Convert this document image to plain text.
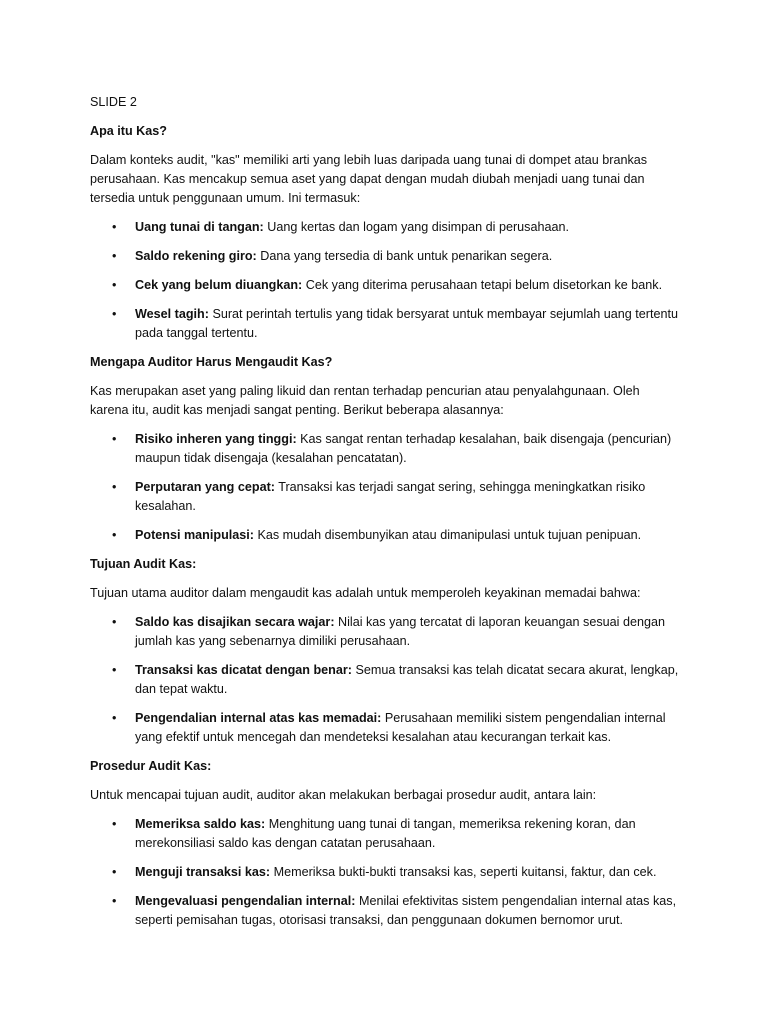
SLIDE 2
Apa itu Kas?

Dalam konteks audit, "kas" memiliki arti yang lebih luas daripada uang tunai di dompet atau brankas perusahaan. Kas mencakup semua aset yang dapat dengan mudah diubah menjadi uang tunai dan tersedia untuk penggunaan umum. Ini termasuk:

• Uang tunai di tangan: Uang kertas dan logam yang disimpan di perusahaan.
• Saldo rekening giro: Dana yang tersedia di bank untuk penarikan segera.
• Cek yang belum diuangkan: Cek yang diterima perusahaan tetapi belum disetorkan ke bank.
• Wesel tagih: Surat perintah tertulis yang tidak bersyarat untuk membayar sejumlah uang tertentu pada tanggal tertentu.
Mengapa Auditor Harus Mengaudit Kas?

Kas merupakan aset yang paling likuid dan rentan terhadap pencurian atau penyalahgunaan. Oleh karena itu, audit kas menjadi sangat penting. Berikut beberapa alasannya:

• Risiko inheren yang tinggi: Kas sangat rentan terhadap kesalahan, baik disengaja (pencurian) maupun tidak disengaja (kesalahan pencatatan).
• Perputaran yang cepat: Transaksi kas terjadi sangat sering, sehingga meningkatkan risiko kesalahan.
• Potensi manipulasi: Kas mudah disembunyikan atau dimanipulasi untuk tujuan penipuan.
Tujuan Audit Kas:

Tujuan utama auditor dalam mengaudit kas adalah untuk memperoleh keyakinan memadai bahwa:

• Saldo kas disajikan secara wajar: Nilai kas yang tercatat di laporan keuangan sesuai dengan jumlah kas yang sebenarnya dimiliki perusahaan.
• Transaksi kas dicatat dengan benar: Semua transaksi kas telah dicatat secara akurat, lengkap, dan tepat waktu.
• Pengendalian internal atas kas memadai: Perusahaan memiliki sistem pengendalian internal yang efektif untuk mencegah dan mendeteksi kesalahan atau kecurangan terkait kas.
Prosedur Audit Kas:

Untuk mencapai tujuan audit, auditor akan melakukan berbagai prosedur audit, antara lain:

• Memeriksa saldo kas: Menghitung uang tunai di tangan, memeriksa rekening koran, dan merekonsiliasi saldo kas dengan catatan perusahaan.
• Menguji transaksi kas: Memeriksa bukti-bukti transaksi kas, seperti kuitansi, faktur, dan cek.
• Mengevaluasi pengendalian internal: Menilai efektivitas sistem pengendalian internal atas kas, seperti pemisahan tugas, otorisasi transaksi, dan penggunaan dokumen bernomor urut.
